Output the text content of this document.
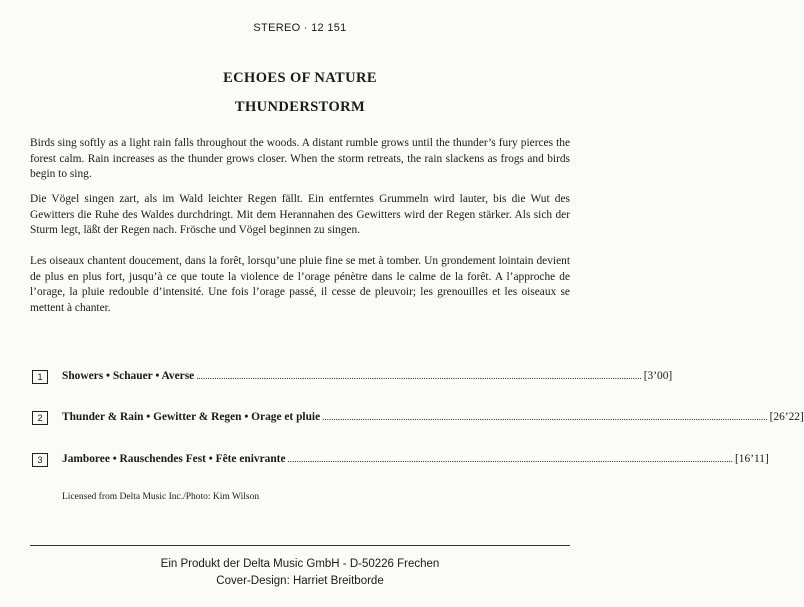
STEREO · 12 151
ECHOES OF NATURE
THUNDERSTORM

Birds sing softly as a light rain falls throughout the woods. A distant rumble grows until the thunder’s fury pierces the forest calm. Rain increases as the thunder grows closer. When the storm retreats, the rain slackens as frogs and birds begin to sing.

Die Vögel singen zart, als im Wald leichter Regen fällt. Ein entferntes Grummeln wird lauter, bis die Wut des Gewitters die Ruhe des Waldes durchdringt. Mit dem Herannahen des Gewitters wird der Regen stärker. Als sich der Sturm legt, läßt der Regen nach. Frösche und Vögel beginnen zu singen.

Les oiseaux chantent doucement, dans la forêt, lorsqu’une pluie fine se met à tomber. Un grondement lointain devient de plus en plus fort, jusqu’à ce que toute la violence de l’orage pénètre dans le calme de la forêt. A l’approche de l’orage, la pluie redouble d’intensité. Une fois l’orage passé, il cesse de pleuvoir; les grenouilles et les oiseaux se mettent à chanter.

1	Showers • Schauer • Averse ...................................................................................................................................................................................................... [3’00]
2	Thunder & Rain • Gewitter & Regen • Orage et pluie ...................................................................................................................................................................................................... [26’22]
3	Jamboree • Rauschendes Fest • Fête enivrante ...................................................................................................................................................................................................... [16’11]
Licensed from Delta Music Inc./Photo: Kim Wilson
Ein Produkt der Delta Music GmbH - D-50226 Frechen
Cover-Design: Harriet Breitborde
